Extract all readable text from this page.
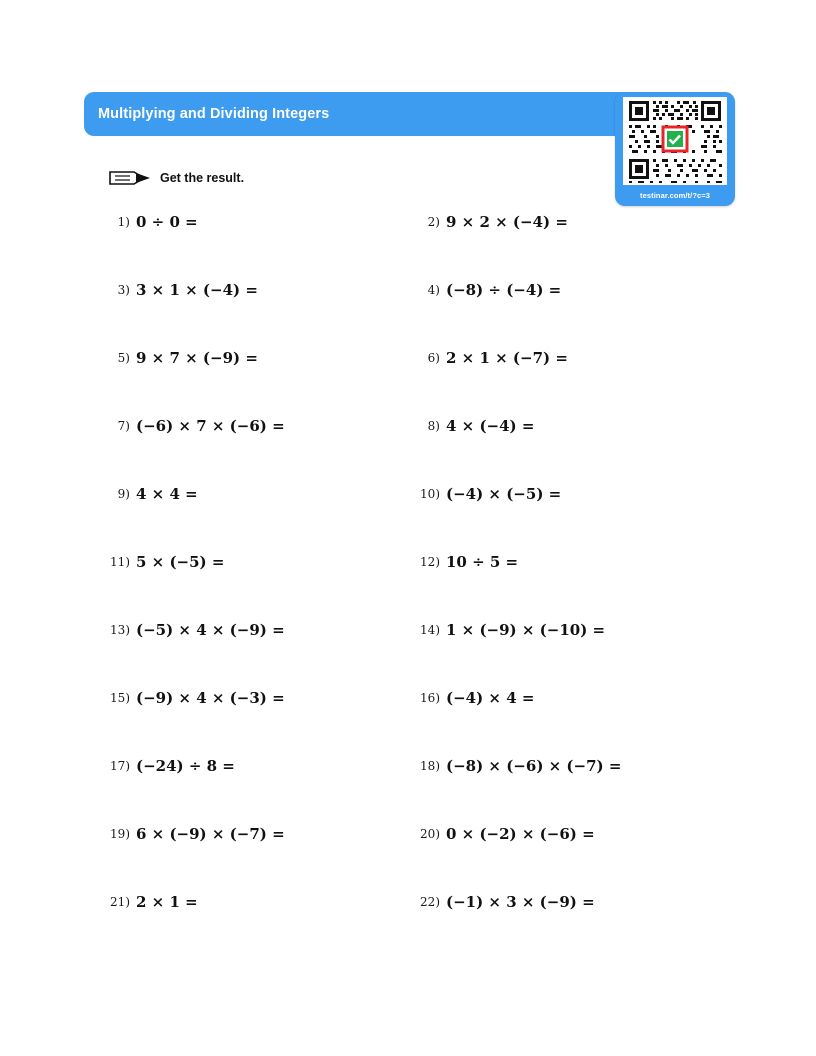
Multiplying and Dividing Integers
testinar.com/t/?c=3
Get the result.
1) 0 ÷ 0 =	2) 9 × 2 × (−4) =
3) 3 × 1 × (−4) =	4) (−8) ÷ (−4) =
5) 9 × 7 × (−9) =	6) 2 × 1 × (−7) =
7) (−6) × 7 × (−6) =	8) 4 × (−4) =
9) 4 × 4 =	10) (−4) × (−5) =
11) 5 × (−5) =	12) 10 ÷ 5 =
13) (−5) × 4 × (−9) =	14) 1 × (−9) × (−10) =
15) (−9) × 4 × (−3) =	16) (−4) × 4 =
17) (−24) ÷ 8 =	18) (−8) × (−6) × (−7) =
19) 6 × (−9) × (−7) =	20) 0 × (−2) × (−6) =
21) 2 × 1 =	22) (−1) × 3 × (−9) =
